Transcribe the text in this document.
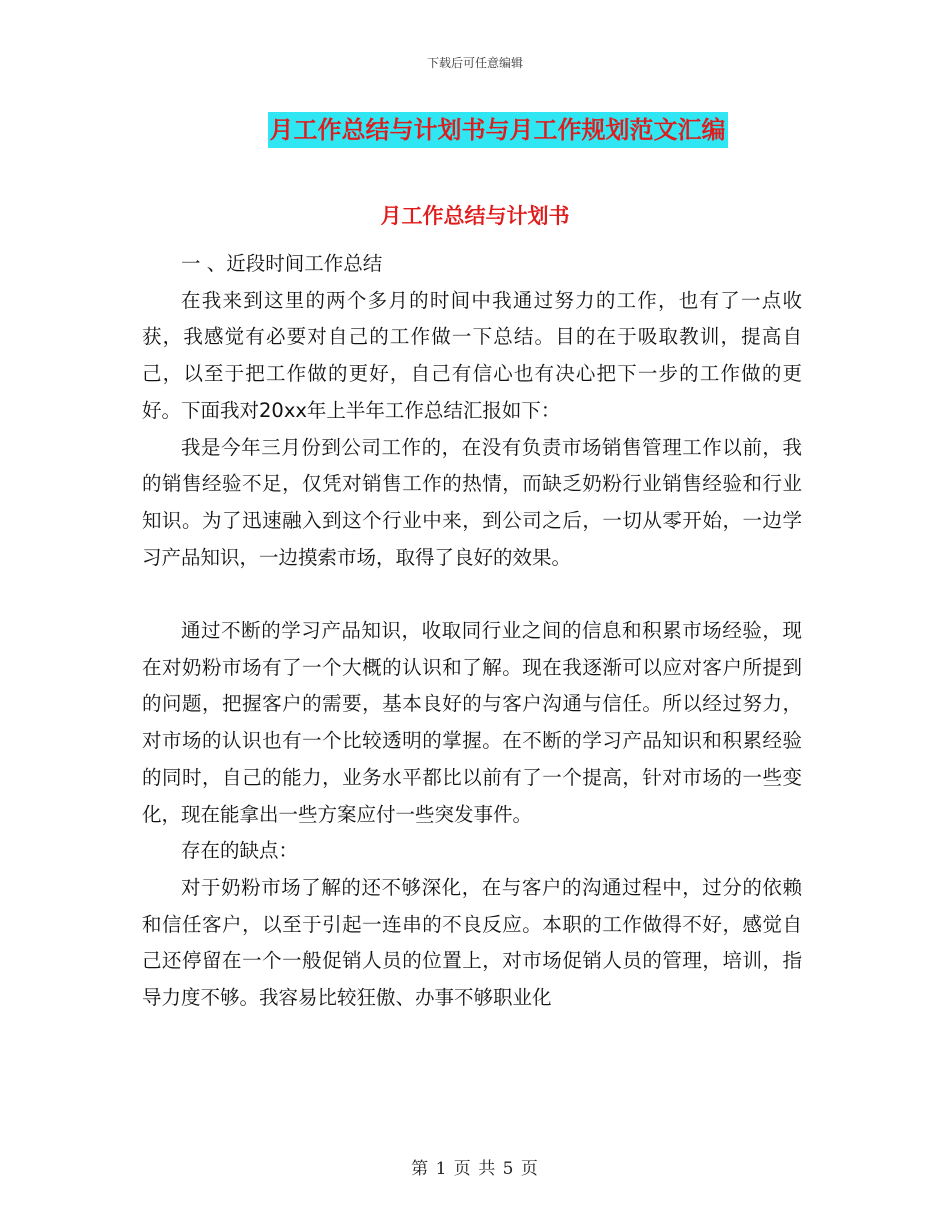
下载后可任意编辑
月工作总结与计划书与月工作规划范文汇编
月工作总结与计划书

一 、近段时间工作总结

在我来到这里的两个多月的时间中我通过努力的工作，也有了一点收获，我感觉有必要对自己的工作做一下总结。目的在于吸取教训，提高自己，以至于把工作做的更好，自己有信心也有决心把下一步的工作做的更好。下面我对20xx年上半年工作总结汇报如下：

我是今年三月份到公司工作的，在没有负责市场销售管理工作以前，我的销售经验不足，仅凭对销售工作的热情，而缺乏奶粉行业销售经验和行业知识。为了迅速融入到这个行业中来，到公司之后，一切从零开始，一边学习产品知识，一边摸索市场，取得了良好的效果。

通过不断的学习产品知识，收取同行业之间的信息和积累市场经验，现在对奶粉市场有了一个大概的认识和了解。现在我逐渐可以应对客户所提到的问题，把握客户的需要，基本良好的与客户沟通与信任。所以经过努力，对市场的认识也有一个比较透明的掌握。在不断的学习产品知识和积累经验的同时，自己的能力，业务水平都比以前有了一个提高，针对市场的一些变化，现在能拿出一些方案应付一些突发事件。

存在的缺点：

对于奶粉市场了解的还不够深化，在与客户的沟通过程中，过分的依赖和信任客户，以至于引起一连串的不良反应。本职的工作做得不好，感觉自己还停留在一个一般促销人员的位置上，对市场促销人员的管理，培训，指导力度不够。我容易比较狂傲、办事不够职业化

第 1 页 共 5 页
